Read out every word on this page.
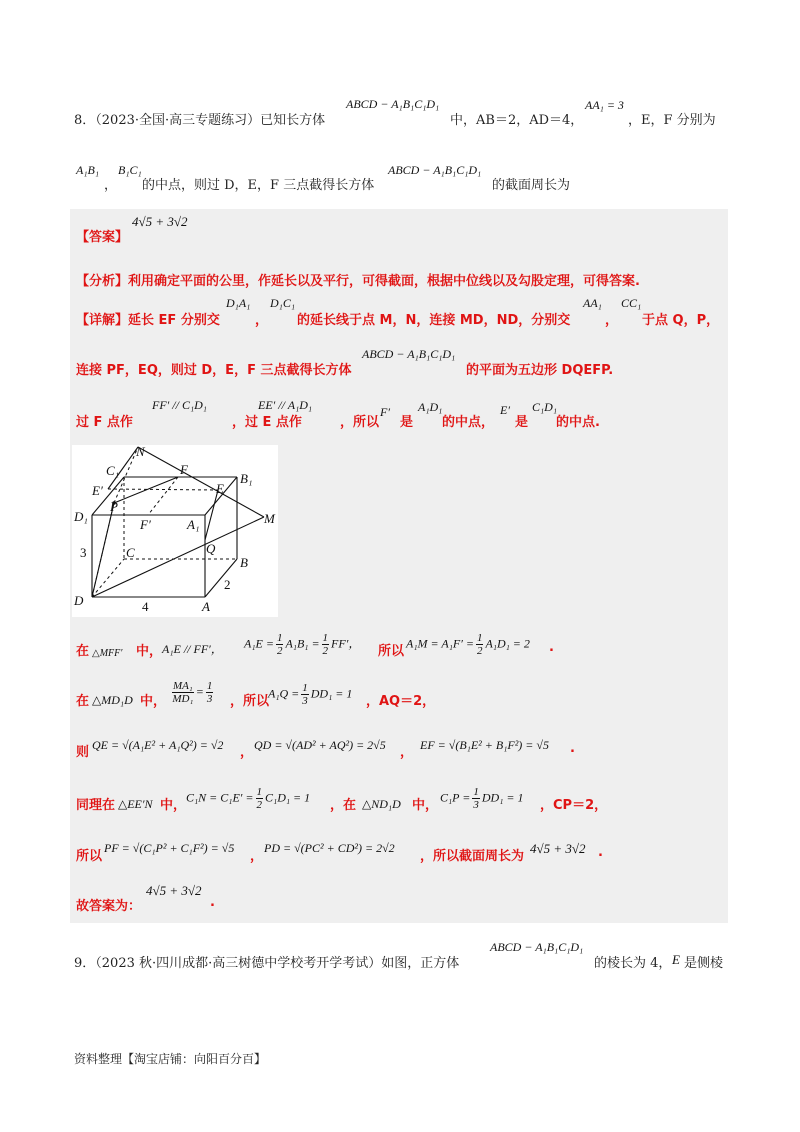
8．（2023·全国·高三专题练习）已知长方体
ABCD − A₁B₁C₁D₁
中，AB＝2，AD＝4，
AA₁ = 3
，E，F 分别为
A₁B₁
，
B₁C₁
的中点，则过 D，E，F 三点截得长方体
ABCD − A₁B₁C₁D₁
的截面周长为
【答案】
4√5 + 3√2
【分析】利用确定平面的公里，作延长以及平行，可得截面，根据中位线以及勾股定理，可得答案.
【详解】延长 EF 分别交
D₁A₁
，
D₁C₁
的延长线于点 M，N，连接 MD，ND，分别交
AA₁
，
CC₁
于点 Q，P，
连接 PF，EQ，则过 D，E，F 三点截得长方体
ABCD − A₁B₁C₁D₁
的平面为五边形 DQEFP.
过 F 点作
FF′ // C₁D₁
，过 E 点作
EE′ // A₁D₁
，所以
F′
是
A₁D₁
的中点，
E′
是
C₁D₁
的中点.
N
C₁	F
B₁
E′	E
P
F′	A₁	M
D₁
3	C	Q
B
2
D	4	A
在 △MFF′ 中， A₁E // FF′， $A_1E = \frac{1}{2} A_1B_1 = \frac{1}{2} FF'$，
所以
$A_1M = A_1F' = \frac{1}{2} A_1D_1 = 2$ .
在 △MD₁D 中， $\frac{\text{MA₁}}{\text{MD₁}} = \frac{1}{3}$ ，所以
$A_1Q = \frac{1}{3} DD_1 = 1$
，AQ＝2，
则 QE = √(A₁E² + A₁Q²) = √2 ， QD = √(AD² + AQ²) = 2√5 ， EF = √(B₁E² + B₁F²) = √5 .
同理在 △EE′N 中，
$C_1N = C_1E' = \frac{1}{2} C_1D_1 = 1$
，在 △ND₁D 中，
$C_1P = \frac{1}{3} DD_1 = 1$
，CP＝2，
所以
PF = √(C₁P² + C₁F²) = √5
，
PD = √(PC² + CD²) = 2√2
，所以截面周长为
4√5 + 3√2 .
故答案为：
4√5 + 3√2
.
9．（2023 秋·四川成都·高三树德中学校考开学考试）如图，正方体
ABCD − A₁B₁C₁D₁
的棱长为 4， E 是侧棱
资料整理【淘宝店铺：向阳百分百】
